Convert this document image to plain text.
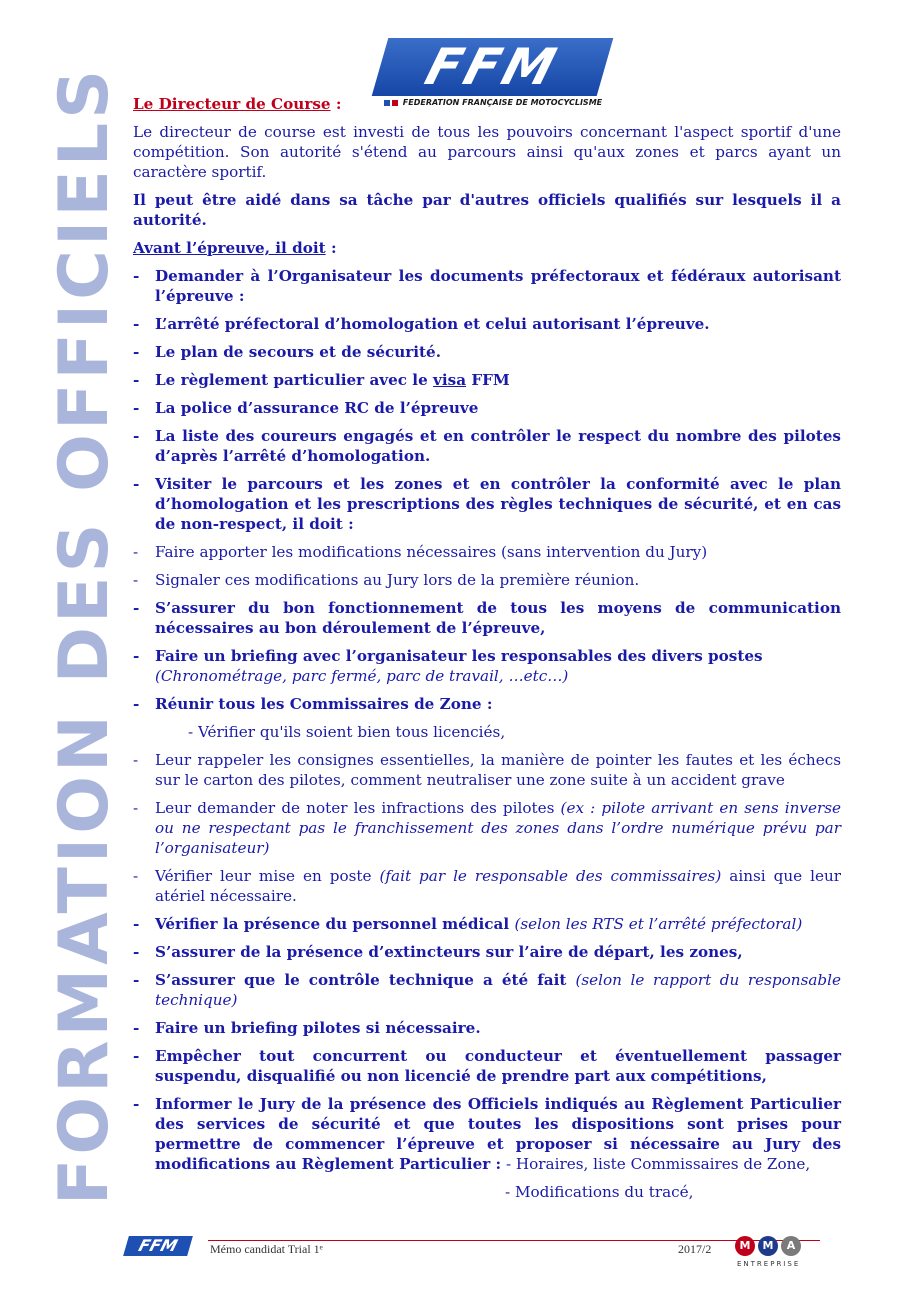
FORMATION DES OFFICIELS	FFM
FEDERATION FRANÇAISE DE MOTOCYCLISME

Le Directeur de Course :

Le directeur de course est investi de tous les pouvoirs concernant l'aspect sportif d'une compétition. Son autorité s'étend au parcours ainsi qu'aux zones et parcs ayant un caractère sportif.

Il peut être aidé dans sa tâche par d'autres officiels qualifiés sur lesquels il a autorité.

Avant l’épreuve, il doit :

-	Demander à l’Organisateur les documents préfectoraux et fédéraux autorisant l’épreuve :
-	L’arrêté préfectoral d’homologation et celui autorisant l’épreuve.
-	Le plan de secours et de sécurité.
-	Le règlement particulier avec le visa FFM
-	La police d’assurance RC de l’épreuve
-	La liste des coureurs engagés et en contrôler le respect du nombre des pilotes d’après l’arrêté d’homologation.
-	Visiter le parcours et les zones et en contrôler la conformité avec le plan d’homologation et les prescriptions des règles techniques de sécurité, et en cas de non-respect, il doit :
-	Faire apporter les modifications nécessaires (sans intervention du Jury)
-	Signaler ces modifications au Jury lors de la première réunion.
-	S’assurer du bon fonctionnement de tous les moyens de communication nécessaires au bon déroulement de l’épreuve,
-	Faire un briefing avec l’organisateur les responsables des divers postes
(Chronométrage, parc fermé, parc de travail, …etc…)
-	Réunir tous les Commissaires de Zone :
- Vérifier qu'ils soient bien tous licenciés,
-	Leur rappeler les consignes essentielles, la manière de pointer les fautes et les échecs sur le carton des pilotes, comment neutraliser une zone suite à un accident grave
-	Leur demander de noter les infractions des pilotes (ex : pilote arrivant en sens inverse ou ne respectant pas le franchissement des zones dans l’ordre numérique prévu par l’organisateur)
-	Vérifier leur mise en poste (fait par le responsable des commissaires) ainsi que leur atériel nécessaire.
-	Vérifier la présence du personnel médical (selon les RTS et l’arrêté préfectoral)
-	S’assurer de la présence d’extincteurs sur l’aire de départ, les zones,
-	S’assurer que le contrôle technique a été fait (selon le rapport du responsable technique)
-	Faire un briefing pilotes si nécessaire.
-	Empêcher tout concurrent ou conducteur et éventuellement passager suspendu, disqualifié ou non licencié de prendre part aux compétitions,
-	Informer le Jury de la présence des Officiels indiqués au Règlement Particulier des services de sécurité et que toutes les dispositions sont prises pour permettre de commencer l’épreuve et proposer si nécessaire au Jury des modifications au Règlement Particulier : - Horaires, liste Commissaires de Zone,
- Modifications du tracé,
FFM	Mémo candidat Trial 1ᵉ	2017/2	M	M	A
ENTREPRISE
